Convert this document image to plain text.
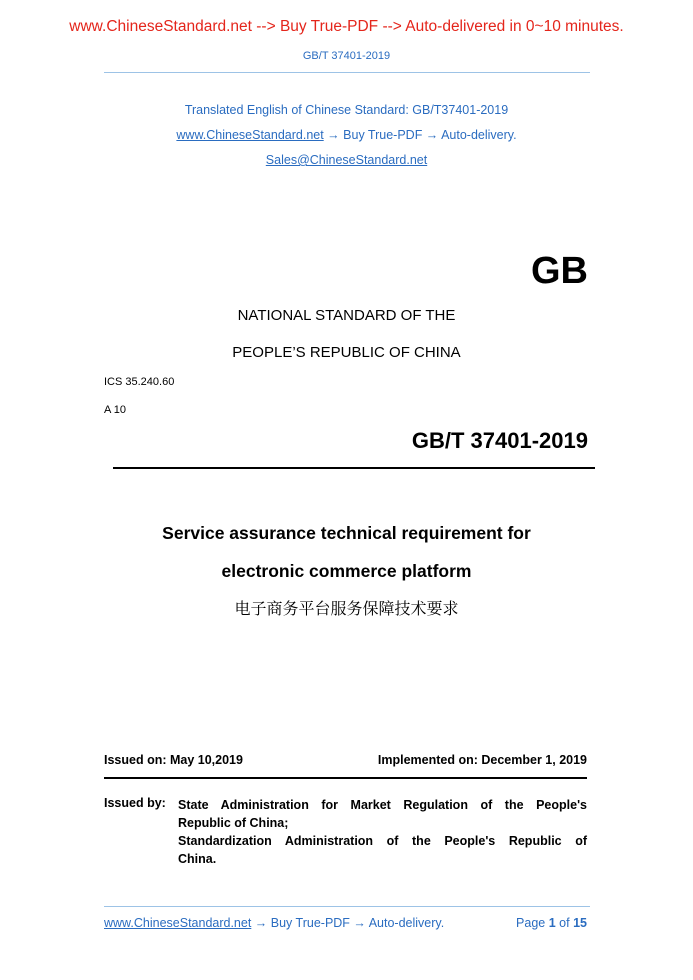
www.ChineseStandard.net --> Buy True-PDF --> Auto-delivered in 0~10 minutes.
GB/T 37401-2019
Translated English of Chinese Standard: GB/T37401-2019
www.ChineseStandard.net → Buy True-PDF → Auto-delivery.
Sales@ChineseStandard.net
GB
NATIONAL STANDARD OF THE
PEOPLE’S REPUBLIC OF CHINA
ICS 35.240.60
A 10
GB/T 37401-2019
Service assurance technical requirement for
electronic commerce platform
电子商务平台服务保障技术要求
Issued on: May 10,2019	Implemented on: December 1, 2019
Issued by: State Administration for Market Regulation of the People's
Republic of China;
Standardization Administration of the People's Republic of
China.
www.ChineseStandard.net → Buy True-PDF → Auto-delivery.	Page 1 of 15
